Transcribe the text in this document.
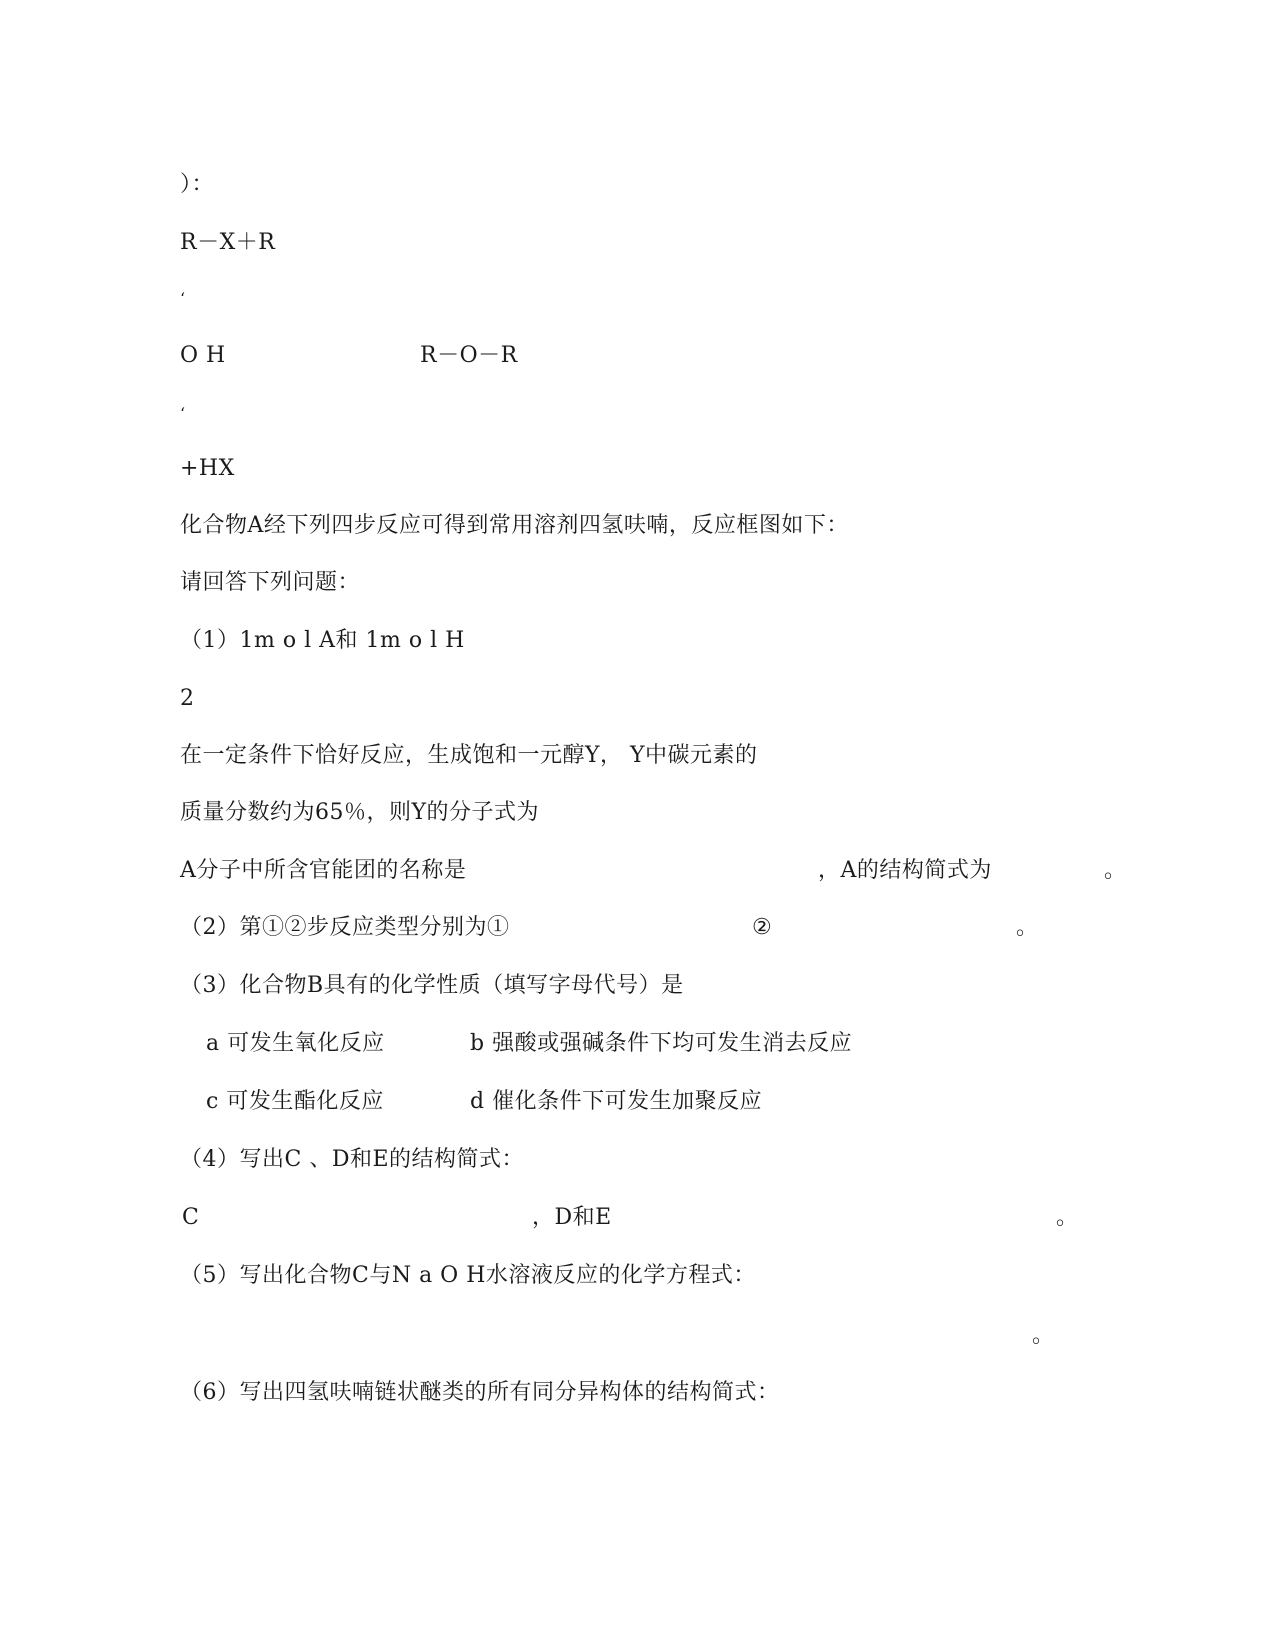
）：
R－X＋R
‘
O H	R－O－R
‘
+HX
化合物A经下列四步反应可得到常用溶剂四氢呋喃，反应框图如下：
请回答下列问题：
（1）1m o l A和 1m o l H
2
在一定条件下恰好反应，生成饱和一元醇Y， Y中碳元素的
质量分数约为65％，则Y的分子式为
A分子中所含官能团的名称是	，A的结构简式为	。
（2）第①②步反应类型分别为①	②	。
（3）化合物B具有的化学性质（填写字母代号）是
a 可发生氧化反应	b 强酸或强碱条件下均可发生消去反应
c 可发生酯化反应	d 催化条件下可发生加聚反应
（4）写出C 、D和E的结构简式：
C	，D和E	。
（5）写出化合物C与N a O H水溶液反应的化学方程式：
。
（6）写出四氢呋喃链状醚类的所有同分异构体的结构简式：
